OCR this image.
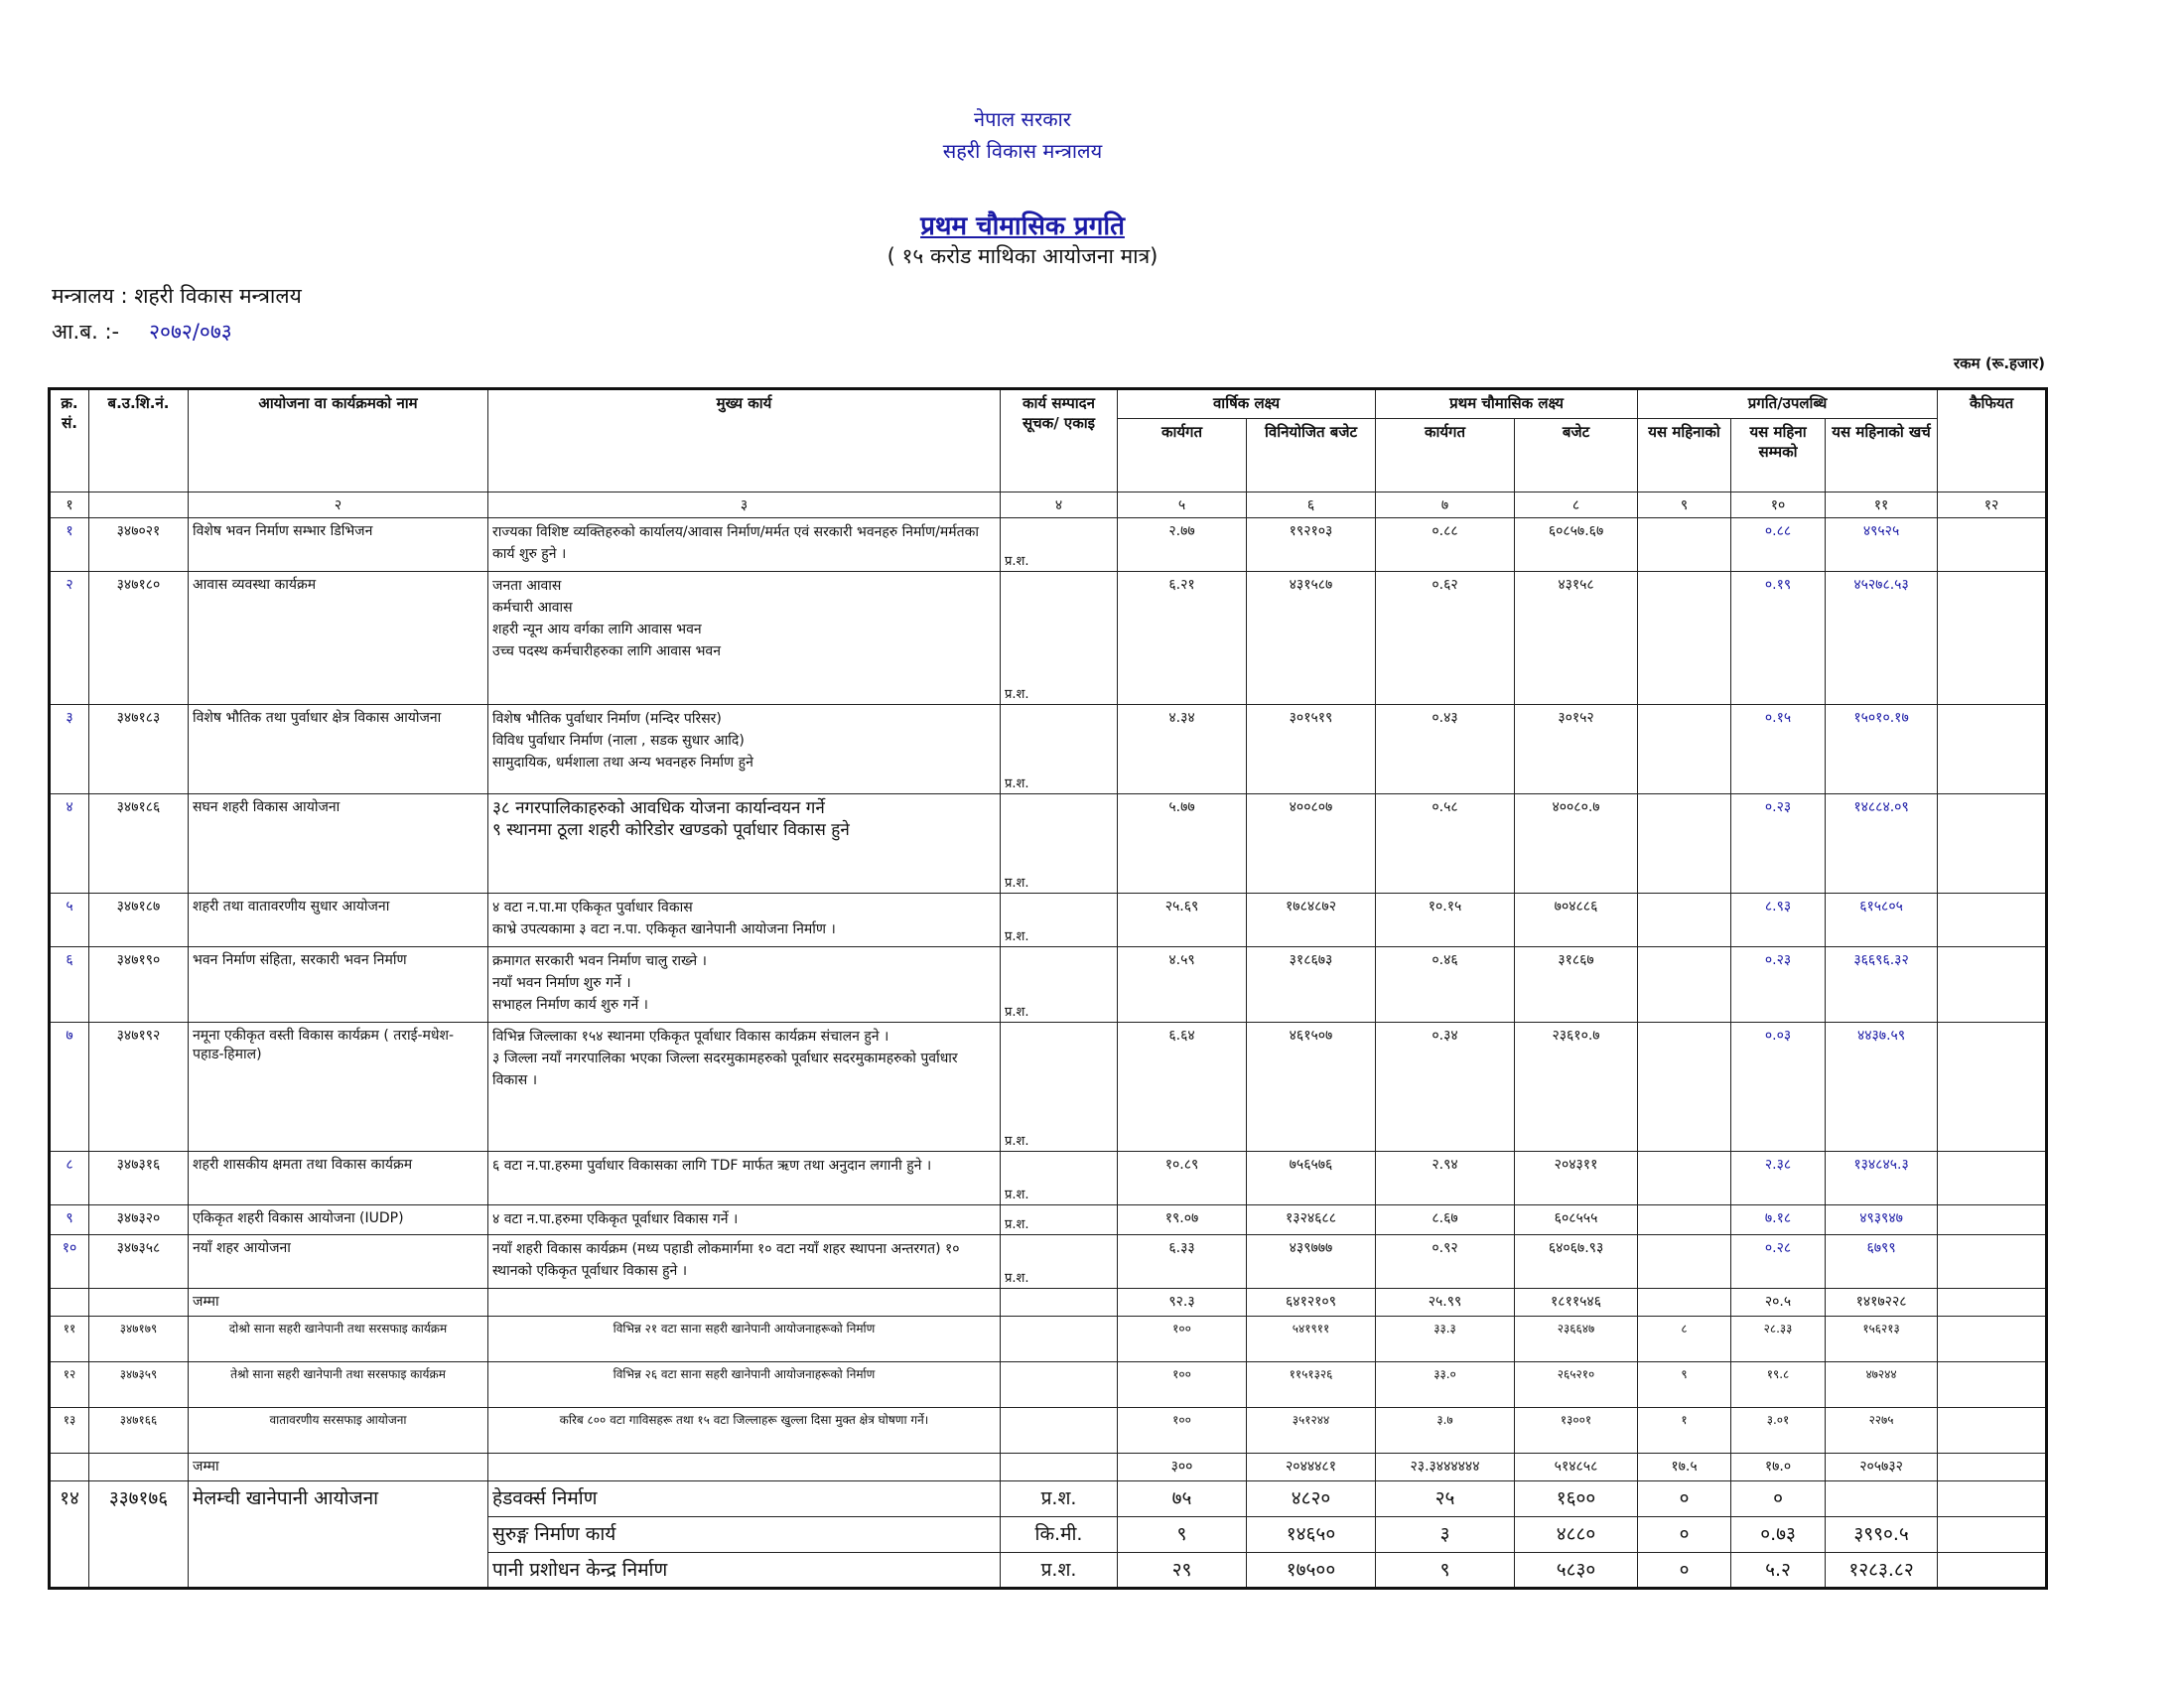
नेपाल सरकार
सहरी विकास मन्त्रालय
प्रथम चौमासिक प्रगति
( १५ करोड माथिका आयोजना मात्र)
मन्त्रालय : शहरी विकास मन्त्रालय
आ.ब. :- २०७२/०७३
रकम (रू.हजार)
क्र. सं.	ब.उ.शि.नं.	आयोजना वा कार्यक्रमको नाम	मुख्य कार्य	कार्य सम्पादन सूचक/ एकाइ	वार्षिक लक्ष्य		प्रथम चौमासिक लक्ष्य		प्रगति/उपलब्धि			कैफियत
					कार्यगत	विनियोजित बजेट	कार्यगत	बजेट	यस महिनाको	यस महिना सम्मको	यस महिनाको खर्च	
१		२	३	४	५	६	७	८	९	१०	११	१२
१	३४७०२१	विशेष भवन निर्माण सम्भार डिभिजन	राज्यका विशिष्ट व्यक्तिहरुको कार्यालय/आवास निर्माण/मर्मत एवं सरकारी भवनहरु निर्माण/मर्मतका कार्य शुरु हुने ।	प्र.श.	२.७७	१९२१०३	०.८८	६०८५७.६७		०.८८	४९५२५	
२	३४७१८०	आवास व्यवस्था कार्यक्रम	जनता आवास
कर्मचारी आवास
शहरी न्यून आय वर्गका लागि आवास भवन
उच्च पदस्थ कर्मचारीहरुका लागि आवास भवन	प्र.श.	६.२१	४३१५८७	०.६२	४३१५८		०.१९	४५२७८.५३	
३	३४७१८३	विशेष भौतिक तथा पुर्वाधार क्षेत्र विकास आयोजना	विशेष भौतिक पुर्वाधार निर्माण (मन्दिर परिसर)
विविध पुर्वाधार निर्माण (नाला , सडक सुधार आदि)
सामुदायिक, धर्मशाला तथा अन्य भवनहरु निर्माण हुने	प्र.श.	४.३४	३०१५१९	०.४३	३०१५२		०.१५	१५०१०.१७	
४	३४७१८६	सघन शहरी विकास आयोजना	३८ नगरपालिकाहरुको आवधिक योजना कार्यान्वयन गर्ने
९ स्थानमा ठूला शहरी कोरिडोर खण्डको पूर्वाधार विकास हुने	प्र.श.	५.७७	४००८०७	०.५८	४००८०.७		०.२३	१४८८४.०९	
५	३४७१८७	शहरी तथा वातावरणीय सुधार आयोजना	४ वटा न.पा.मा एकिकृत पुर्वाधार विकास
काभ्रे उपत्यकामा ३ वटा न.पा. एकिकृत खानेपानी आयोजना निर्माण ।	प्र.श.	२५.६९	१७८४८७२	१०.१५	७०४८८६		८.९३	६१५८०५	
६	३४७१९०	भवन निर्माण संहिता, सरकारी भवन निर्माण	क्रमागत सरकारी भवन निर्माण चालु राख्ने ।
नयाँ भवन निर्माण शुरु गर्ने ।
सभाहल निर्माण कार्य शुरु गर्ने ।	प्र.श.	४.५९	३१८६७३	०.४६	३१८६७		०.२३	३६६९६.३२	
७	३४७१९२	नमूना एकीकृत वस्ती विकास कार्यक्रम ( तराई-मधेश-पहाड-हिमाल)	विभिन्न जिल्लाका १५४ स्थानमा एकिकृत पूर्वाधार विकास कार्यक्रम संचालन हुने ।
३ जिल्ला नयाँ नगरपालिका भएका जिल्ला सदरमुकामहरुको पूर्वाधार सदरमुकामहरुको पुर्वाधार विकास ।	प्र.श.	६.६४	४६१५०७	०.३४	२३६१०.७		०.०३	४४३७.५९	
८	३४७३१६	शहरी शासकीय क्षमता तथा विकास कार्यक्रम	६ वटा न.पा.हरुमा पुर्वाधार विकासका लागि TDF मार्फत ऋण तथा अनुदान लगानी हुने ।	प्र.श.	१०.८९	७५६५७६	२.९४	२०४३११		२.३८	१३४८४५.३	
९	३४७३२०	एकिकृत शहरी विकास आयोजना (IUDP)	४ वटा न.पा.हरुमा एकिकृत पूर्वाधार विकास गर्ने ।	प्र.श.	१९.०७	१३२४६८८	८.६७	६०८५५५		७.१८	४९३९४७	
१०	३४७३५८	नयाँ शहर आयोजना	नयाँ शहरी विकास कार्यक्रम (मध्य पहाडी लोकमार्गमा १० वटा नयाँ शहर स्थापना अन्तरगत) १० स्थानको एकिकृत पूर्वाधार विकास हुने ।	प्र.श.	६.३३	४३९७७७	०.९२	६४०६७.९३		०.२८	६७९९	
		जम्मा			९२.३	६४१२१०९	२५.९९	१८११५४६		२०.५	१४१७२२८	
११	३४७१७९	दोश्रो साना सहरी खानेपानी तथा सरसफाइ कार्यक्रम	विभिन्न २१ वटा साना सहरी खानेपानी आयोजनाहरूको निर्माण		१००	५४१९११	३३.३	२३६६४७	८	२८.३३	१५६२१३	
१२	३४७३५९	तेश्रो साना सहरी खानेपानी तथा सरसफाइ कार्यक्रम	विभिन्न २६ वटा साना सहरी खानेपानी आयोजनाहरूको निर्माण		१००	११५१३२६	३३.०	२६५२१०	९	१९.८	४७२४४	
१३	३४७१६६	वातावरणीय सरसफाइ आयोजना	करिब ८०० वटा गाविसहरू तथा १५ वटा जिल्लाहरू खुल्ला दिसा मुक्त क्षेत्र घोषणा गर्ने।		१००	३५१२४४	३.७	१३००१	१	३.०१	२२७५	
		जम्मा			३००	२०४४४८१	२३.३४४४४४४	५१४८५८	१७.५	१७.०	२०५७३२	
१४	३३७१७६	मेलम्ची खानेपानी आयोजना	हेडवर्क्स निर्माण	प्र.श.	७५	४८२०	२५	१६००	०	०		
			सुरुङ्ग निर्माण कार्य	कि.मी.	९	१४६५०	३	४८८०	०	०.७३	३९९०.५	
			पानी प्रशोधन केन्द्र निर्माण	प्र.श.	२९	१७५००	९	५८३०	०	५.२	१२८३.८२	
